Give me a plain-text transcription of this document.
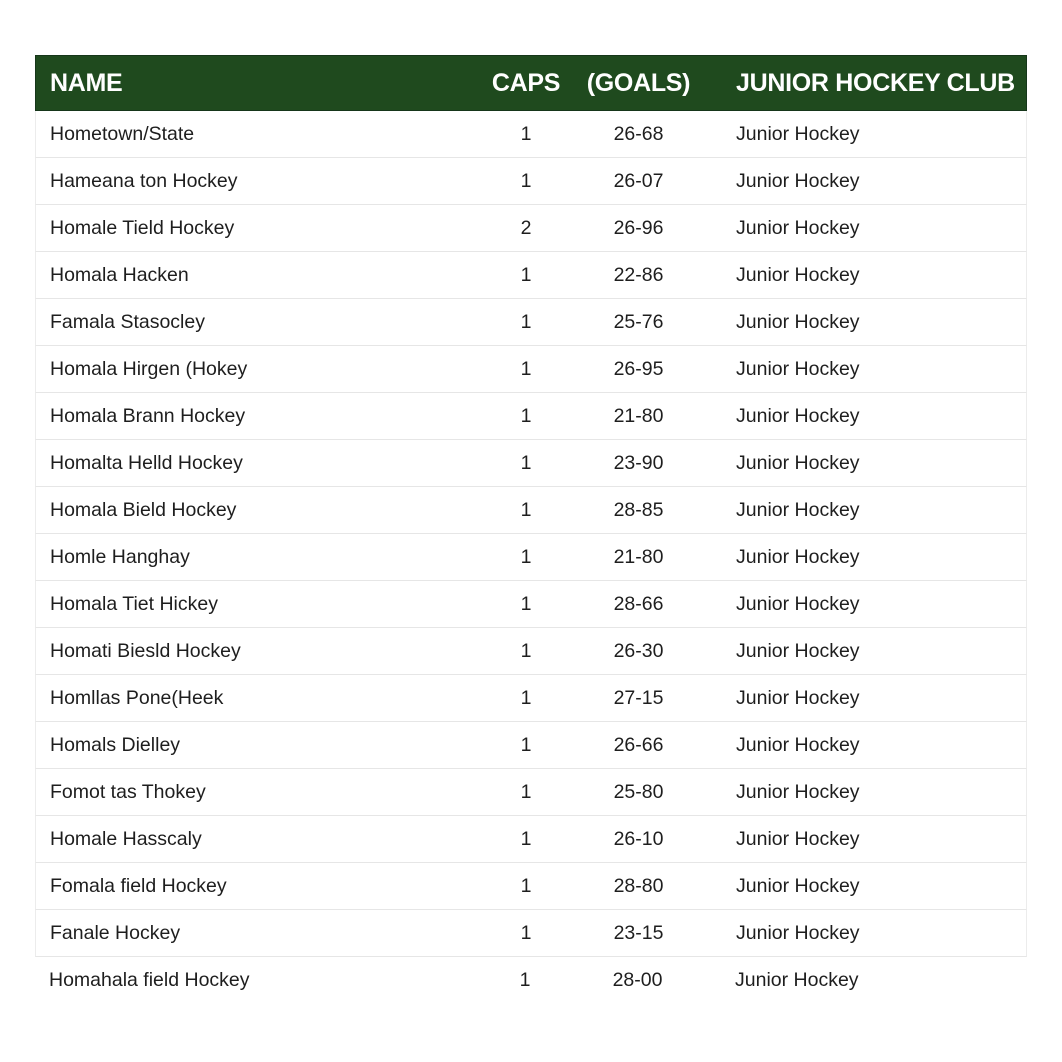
NAME	CAPS	(GOALS)	JUNIOR HOCKEY CLUB
Hometown/State	1	26-68	Junior Hockey
Hameana ton Hockey	1	26-07	Junior Hockey
Homale Tield Hockey	2	26-96	Junior Hockey
Homala Hacken	1	22-86	Junior Hockey
Famala Stasocley	1	25-76	Junior Hockey
Homala Hirgen (Hokey	1	26-95	Junior Hockey
Homala Brann Hockey	1	21-80	Junior Hockey
Homalta Helld Hockey	1	23-90	Junior Hockey
Homala Bield Hockey	1	28-85	Junior Hockey
Homle Hanghay	1	21-80	Junior Hockey
Homala Tiet Hickey	1	28-66	Junior Hockey
Homati Biesld Hockey	1	26-30	Junior Hockey
Homllas Pone(Heek	1	27-15	Junior Hockey
Homals Dielley	1	26-66	Junior Hockey
Fomot tas Thokey	1	25-80	Junior Hockey
Homale Hasscaly	1	26-10	Junior Hockey
Fomala field Hockey	1	28-80	Junior Hockey
Fanale Hockey	1	23-15	Junior Hockey
Homahala field Hockey	1	28-00	Junior Hockey
